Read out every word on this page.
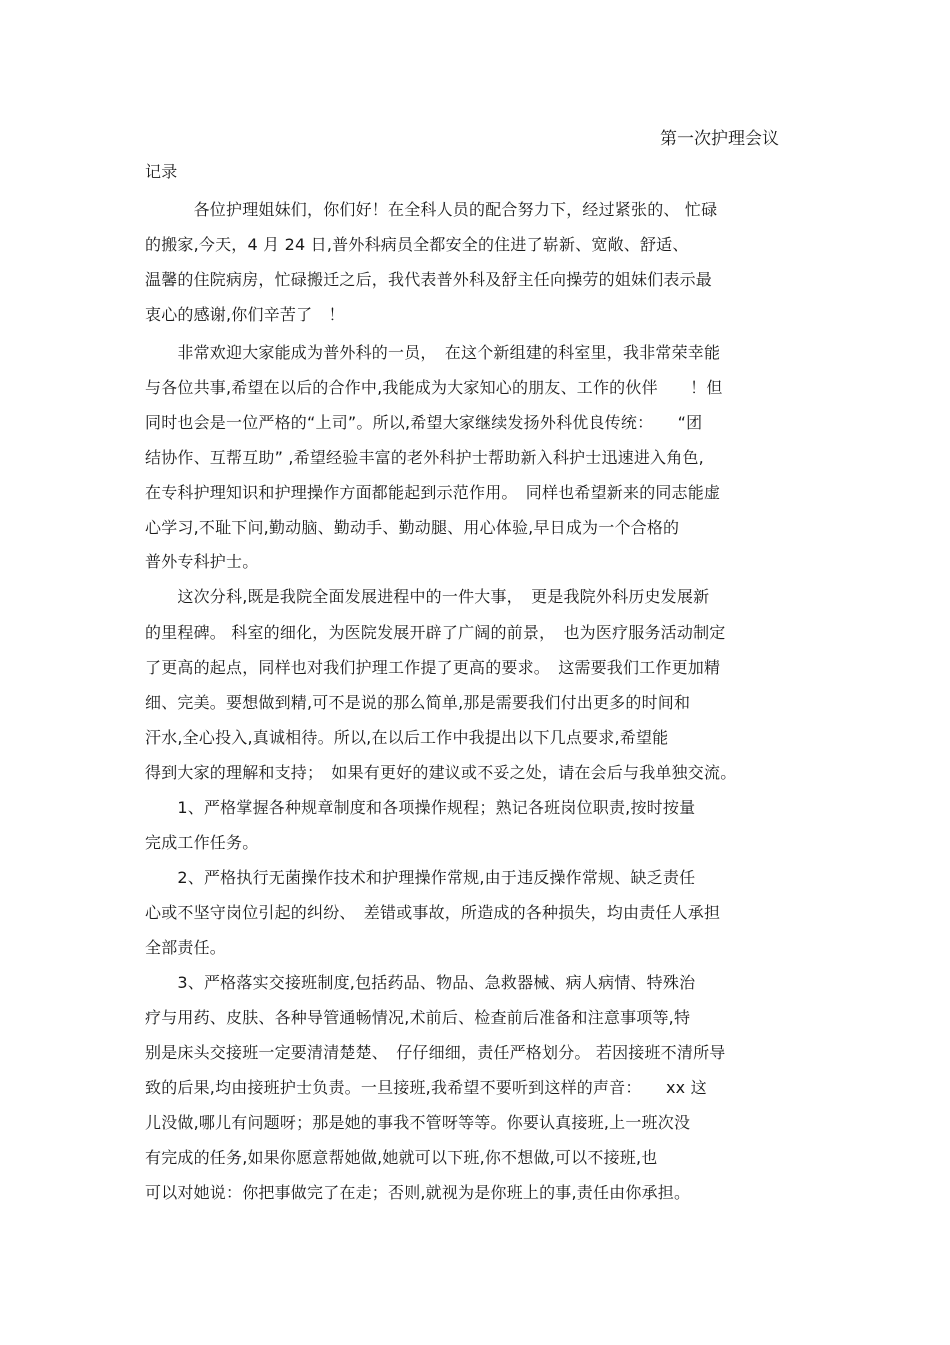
第一次护理会议
记录
　　　各位护理姐妹们，你们好！在全科人员的配合努力下，经过紧张的、 忙碌
的搬家,今天，4 月 24 日,普外科病员全都安全的住进了崭新、宽敞、舒适、
温馨的住院病房，忙碌搬迁之后，我代表普外科及舒主任向操劳的姐妹们表示最
衷心的感谢,你们辛苦了　！
　　非常欢迎大家能成为普外科的一员，　在这个新组建的科室里，我非常荣幸能
与各位共事,希望在以后的合作中,我能成为大家知心的朋友、工作的伙伴　　！但
同时也会是一位严格的“上司”。所以,希望大家继续发扬外科优良传统：　　“团
结协作、互帮互助” ,希望经验丰富的老外科护士帮助新入科护士迅速进入角色,
在专科护理知识和护理操作方面都能起到示范作用。　同样也希望新来的同志能虚
心学习,不耻下问,勤动脑、勤动手、勤动腿、用心体验,早日成为一个合格的
普外专科护士。
　　这次分科,既是我院全面发展进程中的一件大事，　更是我院外科历史发展新
的里程碑。 科室的细化，为医院发展开辟了广阔的前景，　也为医疗服务活动制定
了更高的起点，同样也对我们护理工作提了更高的要求。　这需要我们工作更加精
细、完美。要想做到精,可不是说的那么简单,那是需要我们付出更多的时间和
汗水,全心投入,真诚相待。所以,在以后工作中我提出以下几点要求,希望能
得到大家的理解和支持；　如果有更好的建议或不妥之处，请在会后与我单独交流。
　　1、严格掌握各种规章制度和各项操作规程；熟记各班岗位职责,按时按量
完成工作任务。
　　2、严格执行无菌操作技术和护理操作常规,由于违反操作常规、缺乏责任
心或不坚守岗位引起的纠纷、　差错或事故，所造成的各种损失，均由责任人承担
全部责任。
　　3、严格落实交接班制度,包括药品、物品、急救器械、病人病情、特殊治
疗与用药、皮肤、各种导管通畅情况,术前后、检查前后准备和注意事项等,特
别是床头交接班一定要清清楚楚、　仔仔细细，责任严格划分。 若因接班不清所导
致的后果,均由接班护士负责。一旦接班,我希望不要听到这样的声音：　　xx 这
儿没做,哪儿有问题呀；那是她的事我不管呀等等。你要认真接班,上一班次没
有完成的任务,如果你愿意帮她做,她就可以下班,你不想做,可以不接班,也
可以对她说：你把事做完了在走；否则,就视为是你班上的事,责任由你承担。
